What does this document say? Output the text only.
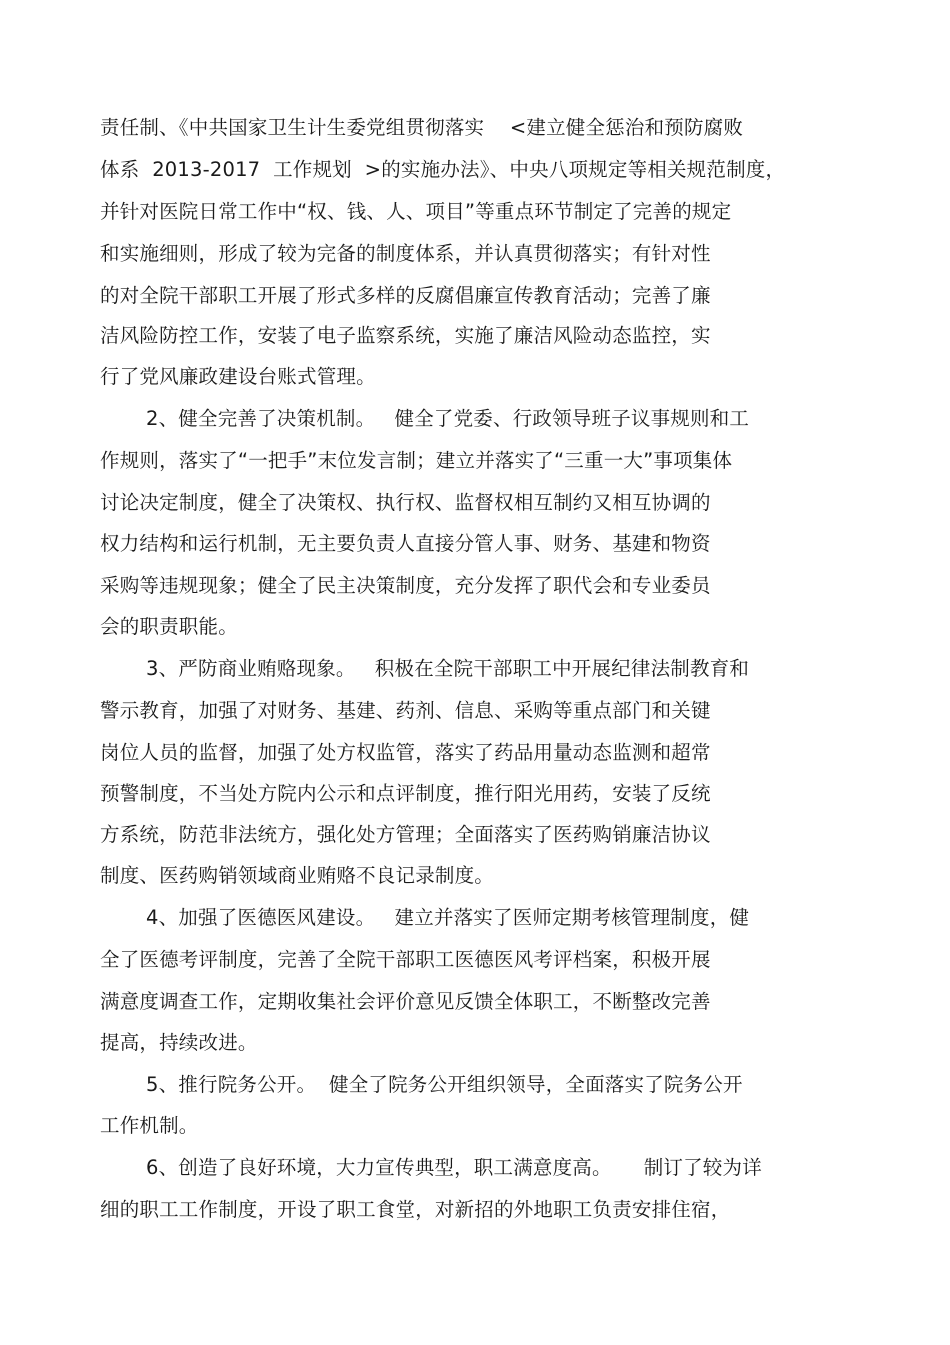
责任制、《中共国家卫生计生委党组贯彻落实    <建立健全惩治和预防腐败
体系  2013-2017  工作规划  >的实施办法》、中央八项规定等相关规范制度，
并针对医院日常工作中“权、钱、人、项目”等重点环节制定了完善的规定
和实施细则，形成了较为完备的制度体系，并认真贯彻落实；有针对性
的对全院干部职工开展了形式多样的反腐倡廉宣传教育活动；完善了廉
洁风险防控工作，安装了电子监察系统，实施了廉洁风险动态监控，实
行了党风廉政建设台账式管理。
2、健全完善了决策机制。   健全了党委、行政领导班子议事规则和工
作规则，落实了“一把手”末位发言制；建立并落实了“三重一大”事项集体
讨论决定制度，健全了决策权、执行权、监督权相互制约又相互协调的
权力结构和运行机制，无主要负责人直接分管人事、财务、基建和物资
采购等违规现象；健全了民主决策制度，充分发挥了职代会和专业委员
会的职责职能。
3、严防商业贿赂现象。   积极在全院干部职工中开展纪律法制教育和
警示教育，加强了对财务、基建、药剂、信息、采购等重点部门和关键
岗位人员的监督，加强了处方权监管，落实了药品用量动态监测和超常
预警制度，不当处方院内公示和点评制度，推行阳光用药，安装了反统
方系统，防范非法统方，强化处方管理；全面落实了医药购销廉洁协议
制度、医药购销领域商业贿赂不良记录制度。
4、加强了医德医风建设。   建立并落实了医师定期考核管理制度，健
全了医德考评制度，完善了全院干部职工医德医风考评档案，积极开展
满意度调查工作，定期收集社会评价意见反馈全体职工，不断整改完善
提高，持续改进。
5、推行院务公开。  健全了院务公开组织领导，全面落实了院务公开
工作机制。
6、创造了良好环境，大力宣传典型，职工满意度高。     制订了较为详
细的职工工作制度，开设了职工食堂，对新招的外地职工负责安排住宿，
